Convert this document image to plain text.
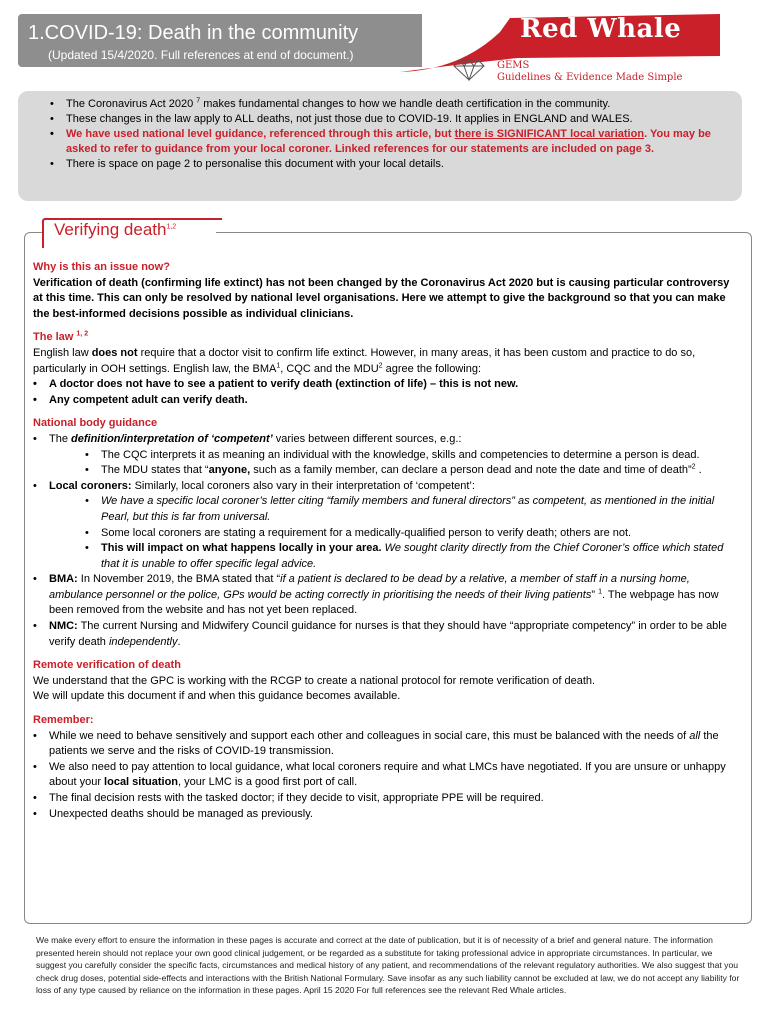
1.COVID-19: Death in the community
(Updated 15/4/2020. Full references at end of document.)
Red Whale
GEMS
Guidelines & Evidence Made Simple
• The Coronavirus Act 2020 $^7$ makes fundamental changes to how we handle death certification in the community.
• These changes in the law apply to ALL deaths, not just those due to COVID-19. It applies in ENGLAND and WALES.
• We have used national level guidance, referenced through this article, but there is SIGNIFICANT local variation. You may be asked to refer to guidance from your local coroner. Linked references for our statements are included on page 3.
• There is space on page 2 to personalise this document with your local details.
Verifying death$^{1,2}$

Why is this an issue now?

Verification of death (confirming life extinct) has not been changed by the Coronavirus Act 2020 but is causing particular controversy at this time. This can only be resolved by national level organisations. Here we attempt to give the background so that you can make the best-informed decisions possible as individual clinicians.

The law $^{1, 2}$

English law does not require that a doctor visit to confirm life extinct. However, in many areas, it has been custom and practice to do so, particularly in OOH settings. English law, the BMA$^1$, CQC and the MDU$^2$ agree the following:

• A doctor does not have to see a patient to verify death (extinction of life) – this is not new.
• Any competent adult can verify death.

National body guidance

• The definition/interpretation of ‘competent’ varies between different sources, e.g.:
• The CQC interprets it as meaning an individual with the knowledge, skills and competencies to determine a person is dead.
• The MDU states that “anyone, such as a family member, can declare a person dead and note the date and time of death”$^2$ .
• Local coroners: Similarly, local coroners also vary in their interpretation of ‘competent’:
• We have a specific local coroner’s letter citing “family members and funeral directors” as competent, as mentioned in the initial Pearl, but this is far from universal.
• Some local coroners are stating a requirement for a medically-qualified person to verify death; others are not.
• This will impact on what happens locally in your area. We sought clarity directly from the Chief Coroner’s office which stated that it is unable to offer specific legal advice.
• BMA: In November 2019, the BMA stated that “if a patient is declared to be dead by a relative, a member of staff in a nursing home, ambulance personnel or the police, GPs would be acting correctly in prioritising the needs of their living patients” $^1$. The webpage has now been removed from the website and has not yet been replaced.
• NMC: The current Nursing and Midwifery Council guidance for nurses is that they should have “appropriate competency” in order to be able verify death independently.

Remote verification of death

We understand that the GPC is working with the RCGP to create a national protocol for remote verification of death.

We will update this document if and when this guidance becomes available.

Remember:

• While we need to behave sensitively and support each other and colleagues in social care, this must be balanced with the needs of all the patients we serve and the risks of COVID-19 transmission.
• We also need to pay attention to local guidance, what local coroners require and what LMCs have negotiated. If you are unsure or unhappy about your local situation, your LMC is a good first port of call.
• The final decision rests with the tasked doctor; if they decide to visit, appropriate PPE will be required.
• Unexpected deaths should be managed as previously.
We make every effort to ensure the information in these pages is accurate and correct at the date of publication, but it is of necessity of a brief and general nature. The information presented herein should not replace your own good clinical judgement, or be regarded as a substitute for taking professional advice in appropriate circumstances. In particular, we suggest you carefully consider the specific facts, circumstances and medical history of any patient, and recommendations of the relevant regulatory authorities. We also suggest that you check drug doses, potential side-effects and interactions with the British National Formulary. Save insofar as any such liability cannot be excluded at law, we do not accept any liability for loss of any type caused by reliance on the information in these pages. April 15 2020 For full references see the relevant Red Whale articles.
